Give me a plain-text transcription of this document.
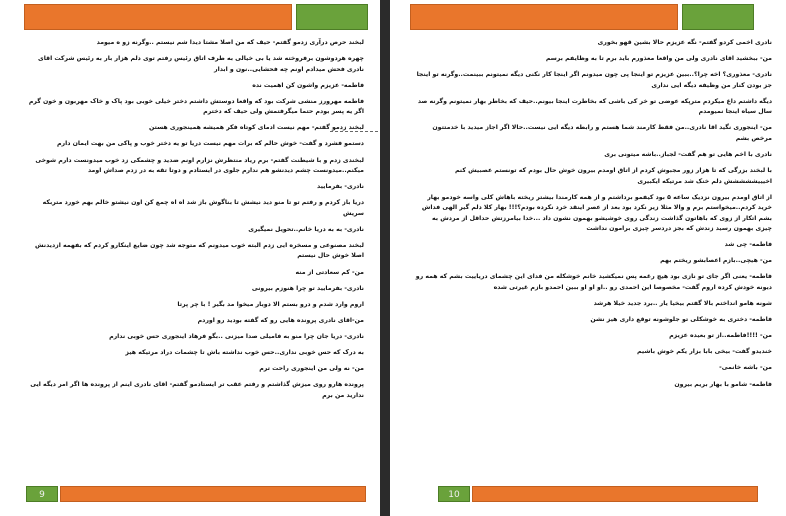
لبخند حرص درآری زدمو گفتم- حیف که من اصلا مشتا دیدا شم نیستم ..وگرنه زو ه میومد

چهره هردوشون برفروخته شد یا بی خیالی به طرف اتاق رئیس رفتم توی دلم هزار بار به رئیس شرکت اقای نادری فحش میدادم اونم چه فحشایی..نون و ابدار

فاطمه- عزیزم واشون کن اهمیت نده

فاطمه مهرورز منشی شرکت بود که واقعا دوستش داشتم دختر خیلی خوبی بود پاک و خاک مهربون و خون گرم اگر یه پسر بودم حتما میگرفتمش ولی حیف که دخترم

لبخند زدمو گفتم- مهم نیست ادمای کوتاه فکر همیشه همینجوری هستن

دستمو فشرد و گفت- خوش حالم که برات مهم نیست دریا تو یه دختر خوب و پاکی من بهت ایمان دارم

لبخندی زدم و با شیطنت گفتم- برم ریاد منتظرش نزارم اونم ضدید و چشمکی زد خوب میدونست دارم شوخی میکنم..میدونست چشم دیدنشو هم ندارم جلوی در ایستادم و دوتا تقه به در زدم صداش اومد

نادری- بفرمایید

دریا باز کردم و رفتم تو تا منو دید نیشش تا بناگوش باز شد اه اه چمع کن اون نیشتو خالم بهم خورد متربکه سریش

نادری- به به دریا خانم..تحویل نمیگیری

لبخند مصنوعی و مسخره ایی زدم البته خوب میدونم که متوجه شد چون ضایع اینکارو کردم که بفهمه ازدیدنش اصلا خوش حال نیستم

من- کم سعادتی از منه

نادری- بفرمایید تو چرا هنوزم بیرونی

اروم وارد شدم و درو بستم الا دوبار میخوا مد بگیر ! با چر پرتا

من-اقای نادری پرونده هایی رو که گفته بودید رو اوردم

نادری- دریا جان چرا منو به فامیلی صدا میزنی ..بگو فرهاد اینجوری حس خوبی ندارم

به درک که حس خوبی نداری..حس خوب نداشته باش تا چشمات دراد مرتیکه هیز

من- نه ولی من اینجوری راحت ترم

پرونده هارو روی میزش گذاشتم و رفتم عقب تر ایستادمو گفتم- اقای نادری اینم از پرونده ها اگر امر دیگه ایی ندارید من برم

9

نادری اخمی کردو گفتم- نگه عزیزم حالا بشین قهو بخوری

من- ببخشید اقای نادری ولی من واقعا معذورم باید برم تا به وظایفم برسم

نادری- معذوری؟ اخه چرا؟..ببین عزیزم تو اینجا پی چون میدونم اگر اینجا کار نکنی دیگه نمیتونم ببینمت..وگرنه تو اینجا جز بودن کنار من وظیفه دیگه ایی نداری

دیگه داشتم داغ میکردم مترپکه عوضی تو خر کی باشی که بخاطرت اینجا بیونم..حیف که بخاطر بهار نمیتونم وگرنه صد سال سیاه اینجا نمیومدم

من- اینجوری نگید اقا نادری..من فقط کارمند شما هستم و رابطه دیگه ایی نیست..حالا اگر اجاز میدید با خدمتتون مرخص بشم

نادری با اخم هایی تو هم گفت- لجباز..باشه میتونی بری

با لبخند بزرگی که تا هزار زور مجبوش کردم از اتاق اومدم بیرون خوش حال بودم که تونستم عصبیش کنم اخیییششششش دلم خنک شد مرتیکه ایکبیری

از اتاق اومدم بیرون نزدیک ساعه ۵ بود کیفمو برداشتم و از همه کارمندا بیشتر ریخته باهاش کلی واسه خودمو بهار خرید کردم..میخواستم برم و والا مثلا زیر نکرد بود بعد از عصر اینقد خرد نکرده بودم؟!!! بهار کلا دلم گیر الهی فداش بشم اتکار از زوی که باهاتون گذاشت زندگی روی خوشیشو بهمون نشون داد ...خدا بیامرزتش حداقل از مردش به چیزی بهمون رسید زندش که بجز دردسر چیزی برامون نداشت

فاطمه- چی شد

من- هیچی..بازم اعصابشو ریختم بهم

فاطمه- یعنی اگر جای تو نازی بود هیچ رغمه پس نمیکشید خانم خوشکله من فدای این چشمای دریاییت بشم که همه رو دیونه خودش کرده اروم گفت- مخصوصا این احمدی رو ..او او او ببین احمدو بازم غیرتی شده

شونه هامو انداختم بالا گفتم بیخیا یار ..برد جدید خیلا هرشد

فاطمه- دختری به خوشکلی تو جلوشونه توقع داری هیز نشن

من- !!!!فاطمه..از تو بعیده عزیزم

خندیدو گفت- بیخی بابا بزار یکم خوش باشیم

من- باشه خانمی-

فاطمه- شامو با بهار بریم بیرون

10
